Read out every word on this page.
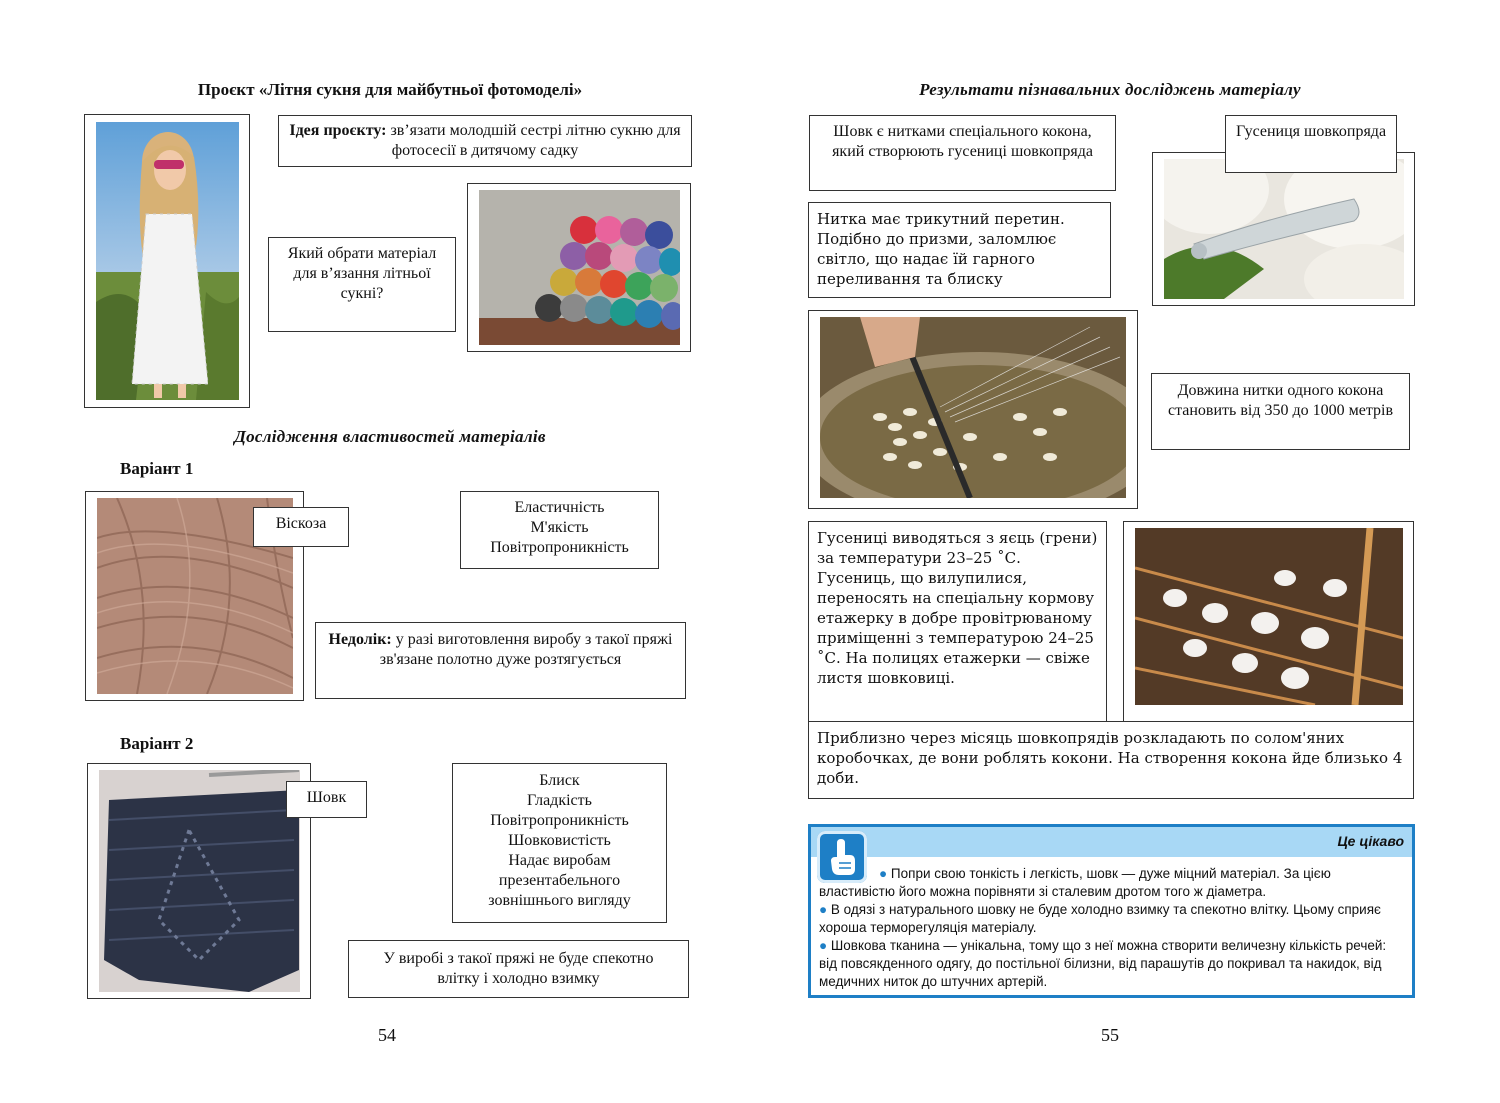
Проєкт «Літня сукня для майбутньої фотомоделі»
Ідея проєкту: зв’язати молодшій сестрі літню сукню для фотосесії в дитячому садку
Який обрати матеріал для в’язання літньої сукні?
Дослідження властивостей матеріалів
Варіант 1
Віскоза
Еластичність
М'якість
Повітропроникність
Недолік: у разі виготовлення виробу з такої пряжі зв'язане полотно дуже розтягується
Варіант 2
Шовк
Блиск
Гладкість
Повітропроникність
Шовковистість
Надає виробам презентабельного зовнішнього вигляду
У виробі з такої пряжі не буде спекотно влітку і холодно взимку
54
Результати пізнавальних досліджень матеріалу
Шовк є нитками спеціального кокона, який створюють гусениці шовкопряда
Гусениця шовкопряда
Нитка має трикутний перетин. Подібно до призми, заломлює світло, що надає їй гарного переливання та блиску
Довжина нитки одного кокона становить від 350 до 1000 метрів
Гусениці виводяться з яєць (грени) за температури 23–25 ˚С. Гусениць, що вилупилися, переносять на спеціальну кормову етажерку в добре провітрюваному приміщенні з температурою 24–25 ˚С. На полицях етажерки — свіже листя шовковиці.
Приблизно через місяць шовкопрядів розкладають по солом'яних коробочках, де вони роблять кокони. На створення кокона йде близько 4 доби.
Це цікаво
● Попри свою тонкість і легкість, шовк — дуже міцний матеріал. За цією властивістю його можна порівняти зі сталевим дротом того ж діаметра.
● В одязі з натурального шовку не буде холодно взимку та спекотно влітку. Цьому сприяє хороша терморегуляція матеріалу.
● Шовкова тканина — унікальна, тому що з неї можна створити величезну кількість речей: від повсякденного одягу, до постільної білизни, від парашутів до покривал та накидок, від медичних ниток до штучних артерій.
55
